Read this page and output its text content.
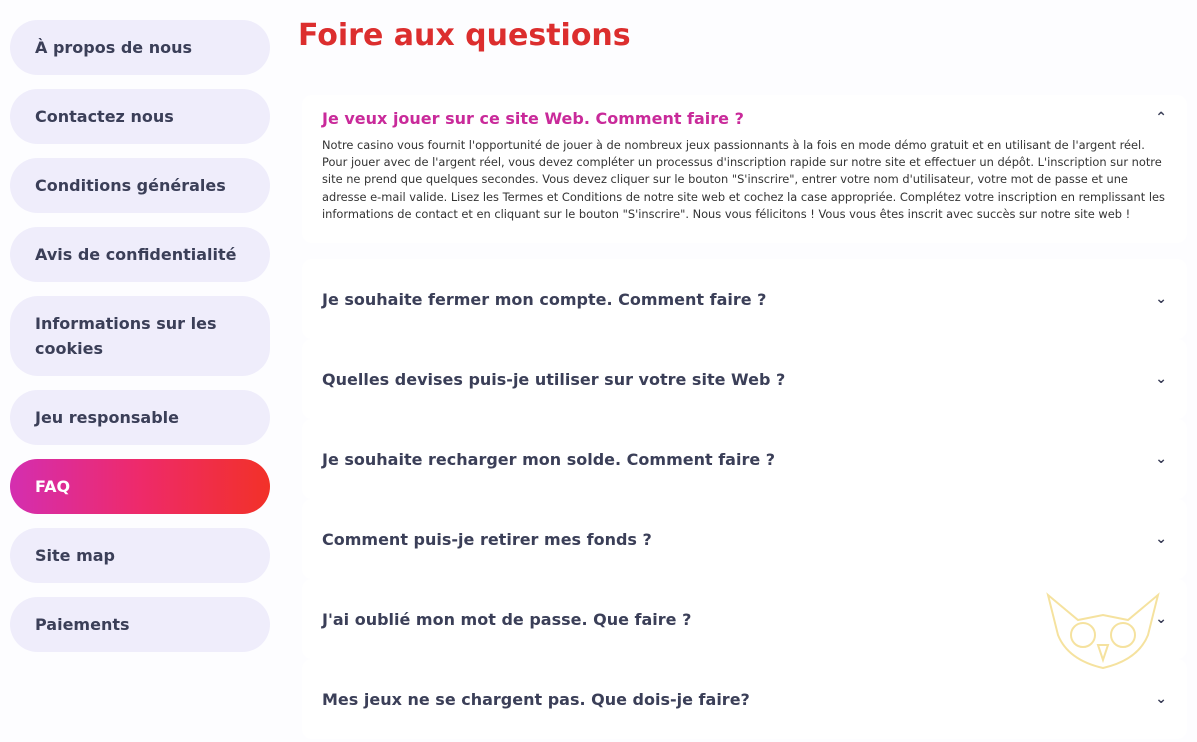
À propos de nous
Contactez nous
Conditions générales
Avis de confidentialité
Informations sur les cookies
Jeu responsable
FAQ
Site map
Paiements
Foire aux questions
Je veux jouer sur ce site Web. Comment faire ?	⌃
Notre casino vous fournit l'opportunité de jouer à de nombreux jeux passionnants à la fois en mode démo gratuit et en utilisant de l'argent réel. Pour jouer avec de l'argent réel, vous devez compléter un processus d'inscription rapide sur notre site et effectuer un dépôt. L'inscription sur notre site ne prend que quelques secondes. Vous devez cliquer sur le bouton "S'inscrire", entrer votre nom d'utilisateur, votre mot de passe et une adresse e-mail valide. Lisez les Termes et Conditions de notre site web et cochez la case appropriée. Complétez votre inscription en remplissant les informations de contact et en cliquant sur le bouton "S'inscrire". Nous vous félicitons ! Vous vous êtes inscrit avec succès sur notre site web !
Je souhaite fermer mon compte. Comment faire ?	⌄
Quelles devises puis-je utiliser sur votre site Web ?	⌄
Je souhaite recharger mon solde. Comment faire ?	⌄
Comment puis-je retirer mes fonds ?	⌄
J'ai oublié mon mot de passe. Que faire ?	⌄
Mes jeux ne se chargent pas. Que dois-je faire?	⌄
